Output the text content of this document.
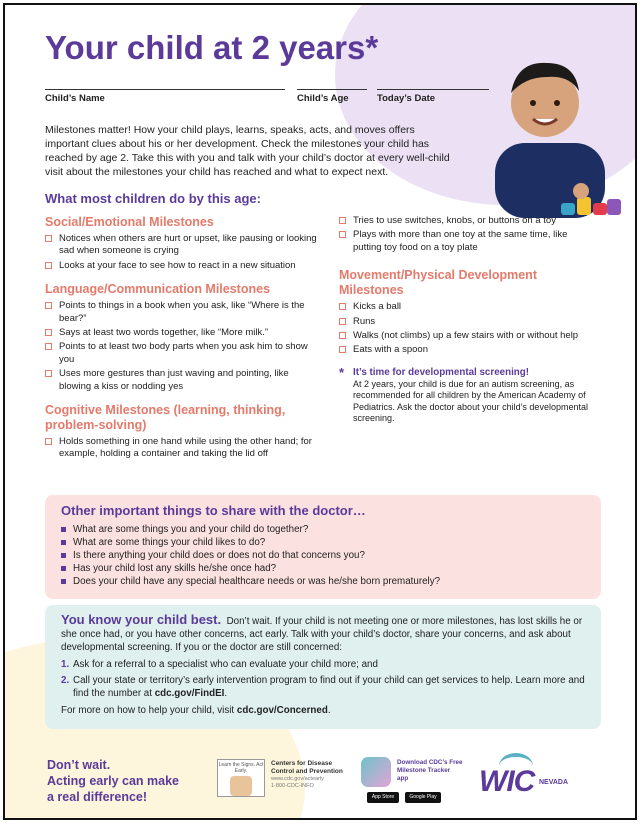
Your child at 2 years*
Child’s Name	Child’s Age	Today’s Date

Milestones matter! How your child plays, learns, speaks, acts, and moves offers important clues about his or her development. Check the milestones your child has reached by age 2. Take this with you and talk with your child’s doctor at every well-child visit about the milestones your child has reached and what to expect next.

What most children do by this age:
Social/Emotional Milestones
Notices when others are hurt or upset, like pausing or looking sad when someone is crying
Looks at your face to see how to react in a new situation
Language/Communication Milestones
Points to things in a book when you ask, like “Where is the bear?”
Says at least two words together, like “More milk.”
Points to at least two body parts when you ask him to show you
Uses more gestures than just waving and pointing, like blowing a kiss or nodding yes
Cognitive Milestones (learning, thinking, problem-solving)
Holds something in one hand while using the other hand; for example, holding a container and taking the lid off
Tries to use switches, knobs, or buttons on a toy
Plays with more than one toy at the same time, like putting toy food on a toy plate
Movement/Physical Development Milestones
Kicks a ball
Runs
Walks (not climbs) up a few stairs with or without help
Eats with a spoon
* It’s time for developmental screening!

At 2 years, your child is due for an autism screening, as recommended for all children by the American Academy of Pediatrics. Ask the doctor about your child’s developmental screening.

Other important things to share with the doctor…
What are some things you and your child do together?
What are some things your child likes to do?
Is there anything your child does or does not do that concerns you?
Has your child lost any skills he/she once had?
Does your child have any special healthcare needs or was he/she born prematurely?

You know your child best. Don’t wait. If your child is not meeting one or more milestones, has lost skills he or she once had, or you have other concerns, act early. Talk with your child’s doctor, share your concerns, and ask about developmental screening. If you or the doctor are still concerned:

1. Ask for a referral to a specialist who can evaluate your child more; and
2. Call your state or territory’s early intervention program to find out if your child can get services to help. Learn more and find the number at cdc.gov/FindEI.

For more on how to help your child, visit cdc.gov/Concerned.

Don’t wait.
Acting early can make
a real difference!
Learn the Signs. Act Early.
Centers for Disease Control and Prevention
www.cdc.gov/actearly
1-800-CDC-INFO
Download CDC’s Free Milestone Tracker app
App Store	Google Play WIC NEVADA
